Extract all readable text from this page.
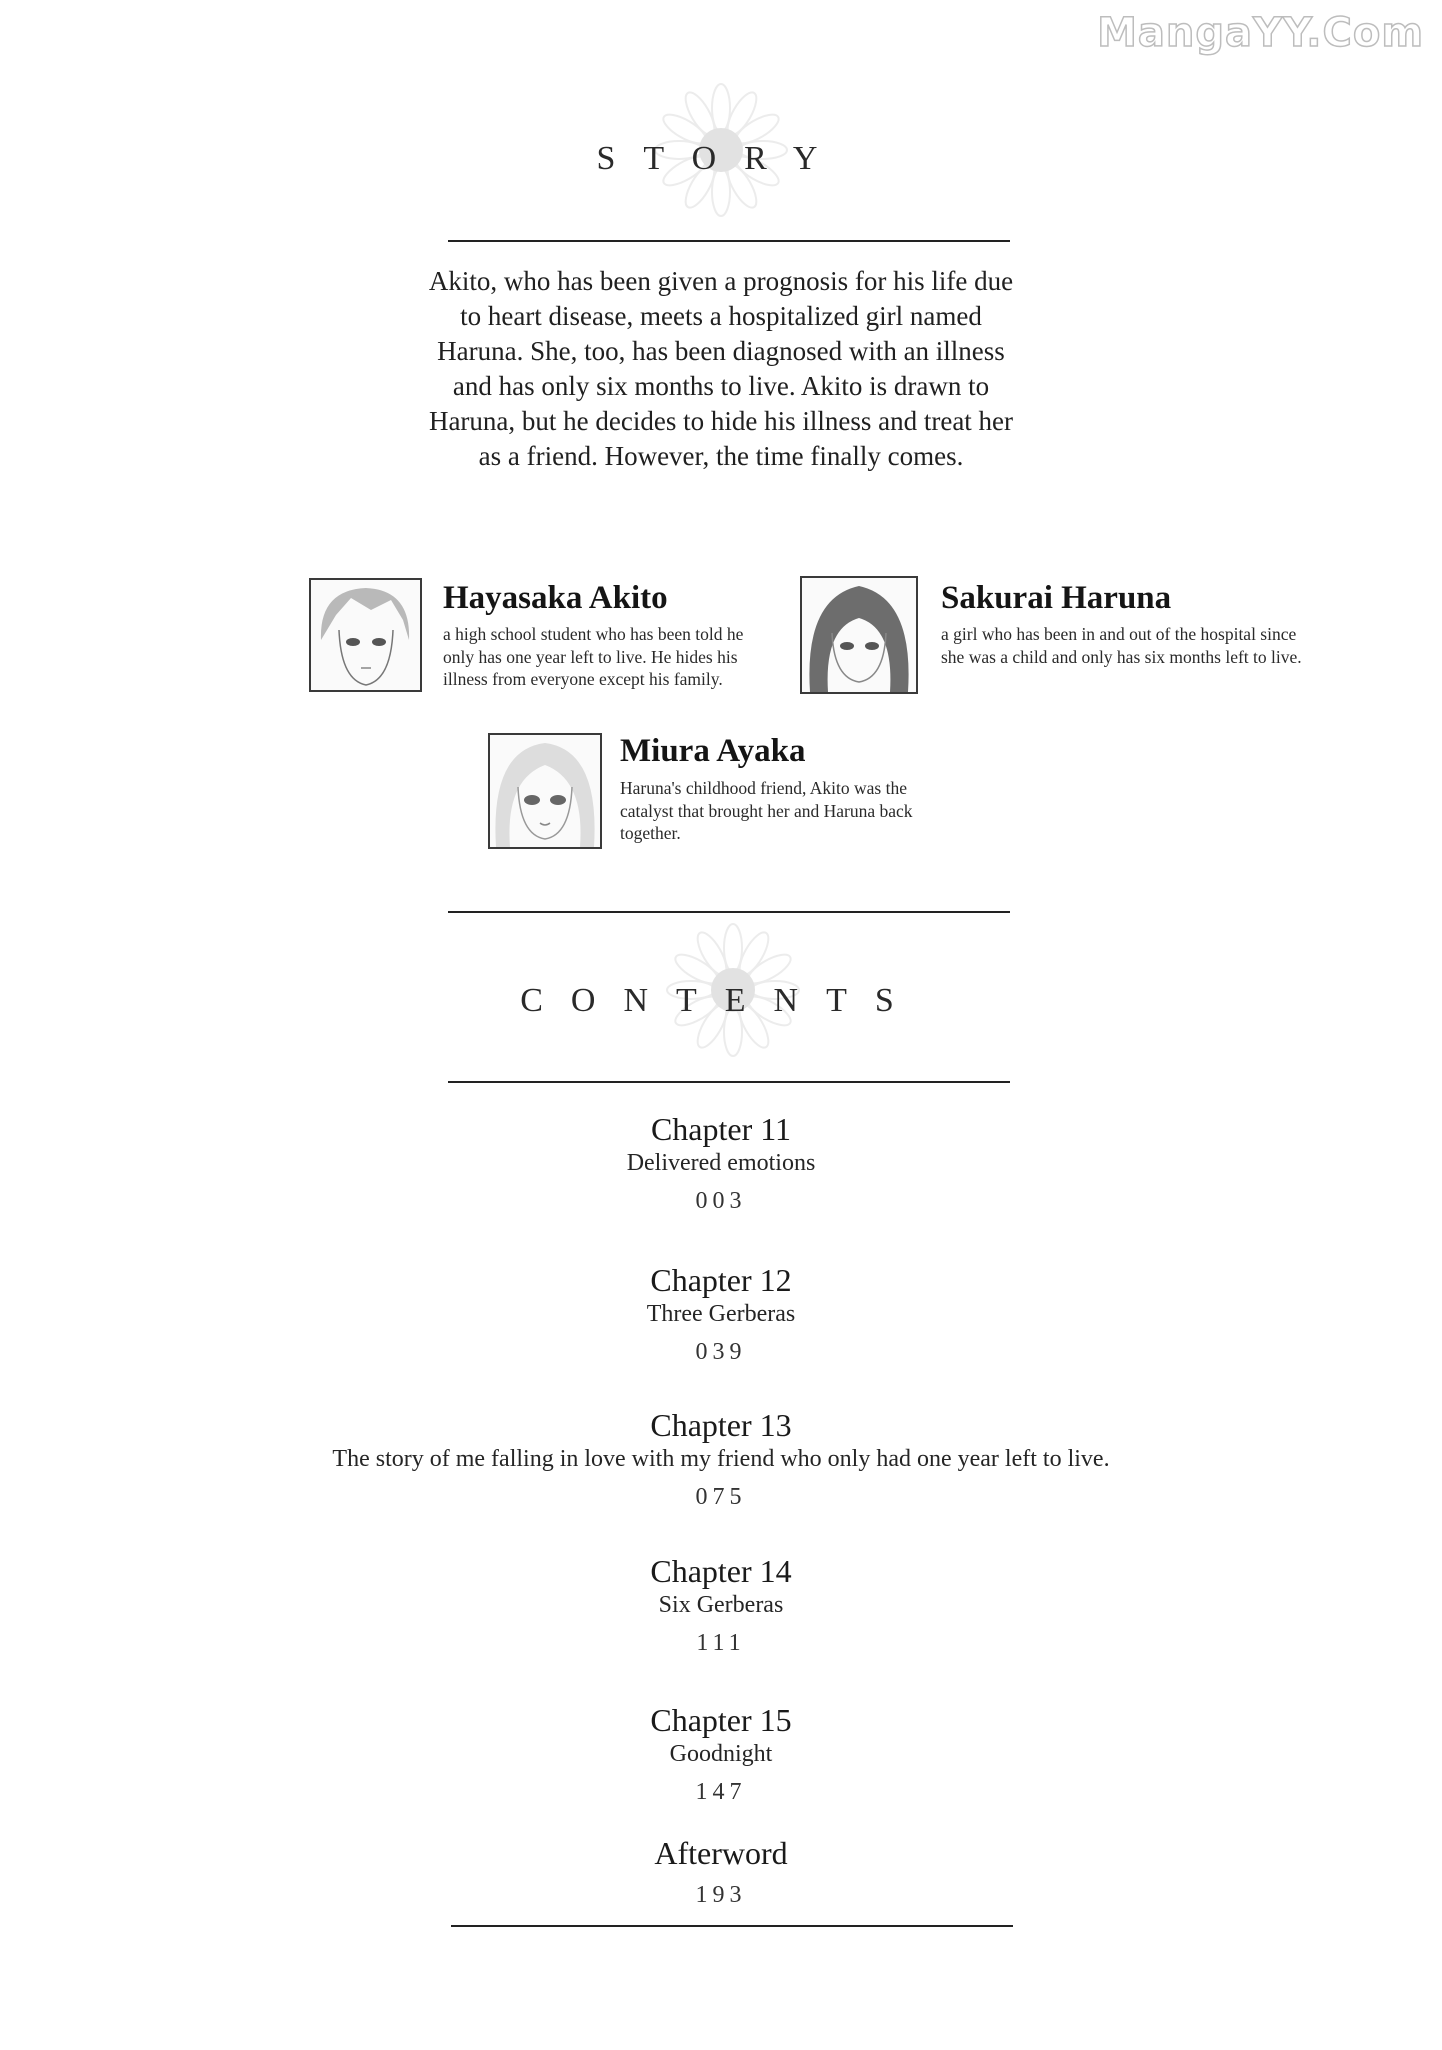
MangaYY.Com
STORY
Akito, who has been given a prognosis for his life due to heart disease, meets a hospitalized girl named Haruna. She, too, has been diagnosed with an illness and has only six months to live. Akito is drawn to Haruna, but he decides to hide his illness and treat her as a friend. However, the time finally comes.
Hayasaka Akito
a high school student who has been told he only has one year left to live. He hides his illness from everyone except his family.
Sakurai Haruna
a girl who has been in and out of the hospital since she was a child and only has six months left to live.
Miura Ayaka
Haruna's childhood friend, Akito was the catalyst that brought her and Haruna back together.
CONTENTS
Chapter 11
Delivered emotions
003
Chapter 12
Three Gerberas
039
Chapter 13
The story of me falling in love with my friend who only had one year left to live.
075
Chapter 14
Six Gerberas
111
Chapter 15
Goodnight
147
Afterword
193
